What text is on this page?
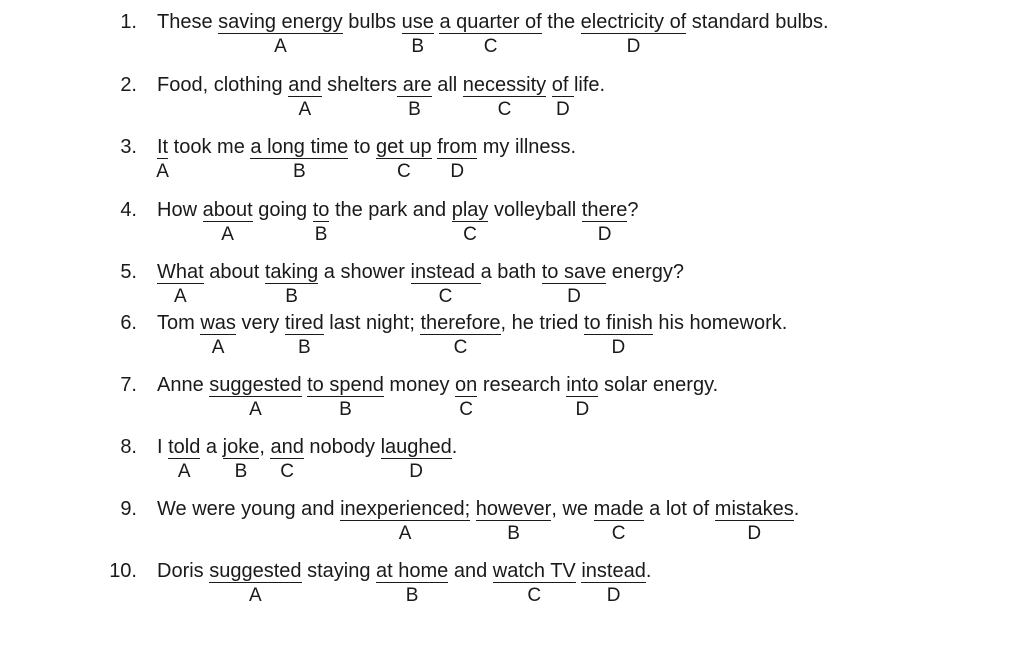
1. These saving energy
A
bulbs use
B
a quarter of
C
the electricity of
D
standard bulbs.
2. Food, clothing and
A
shelters are
B
all necessity
C
of
D
life.
3. It
A
took me a long time
B
to get up
C
from
D
my illness.
4. How about
A
going to
B
the park and play
C
volleyball there
D
?
5. What
A
about taking
B
a shower instead
C
a bath to save
D
energy?
6. Tom was
A
very tired
B
last night; therefore
C
, he tried to finish
D
his homework.
7. Anne suggested
A
to spend
B
money on
C
research into
D
solar energy.
8. I told
A
a joke
B
, and
C
nobody laughed
D
.
9. We were young and inexperienced;
A
however
B
, we made
C
a lot of mistakes
D
.
10. Doris suggested
A
staying at home
B
and watch TV
C
instead
D
.
